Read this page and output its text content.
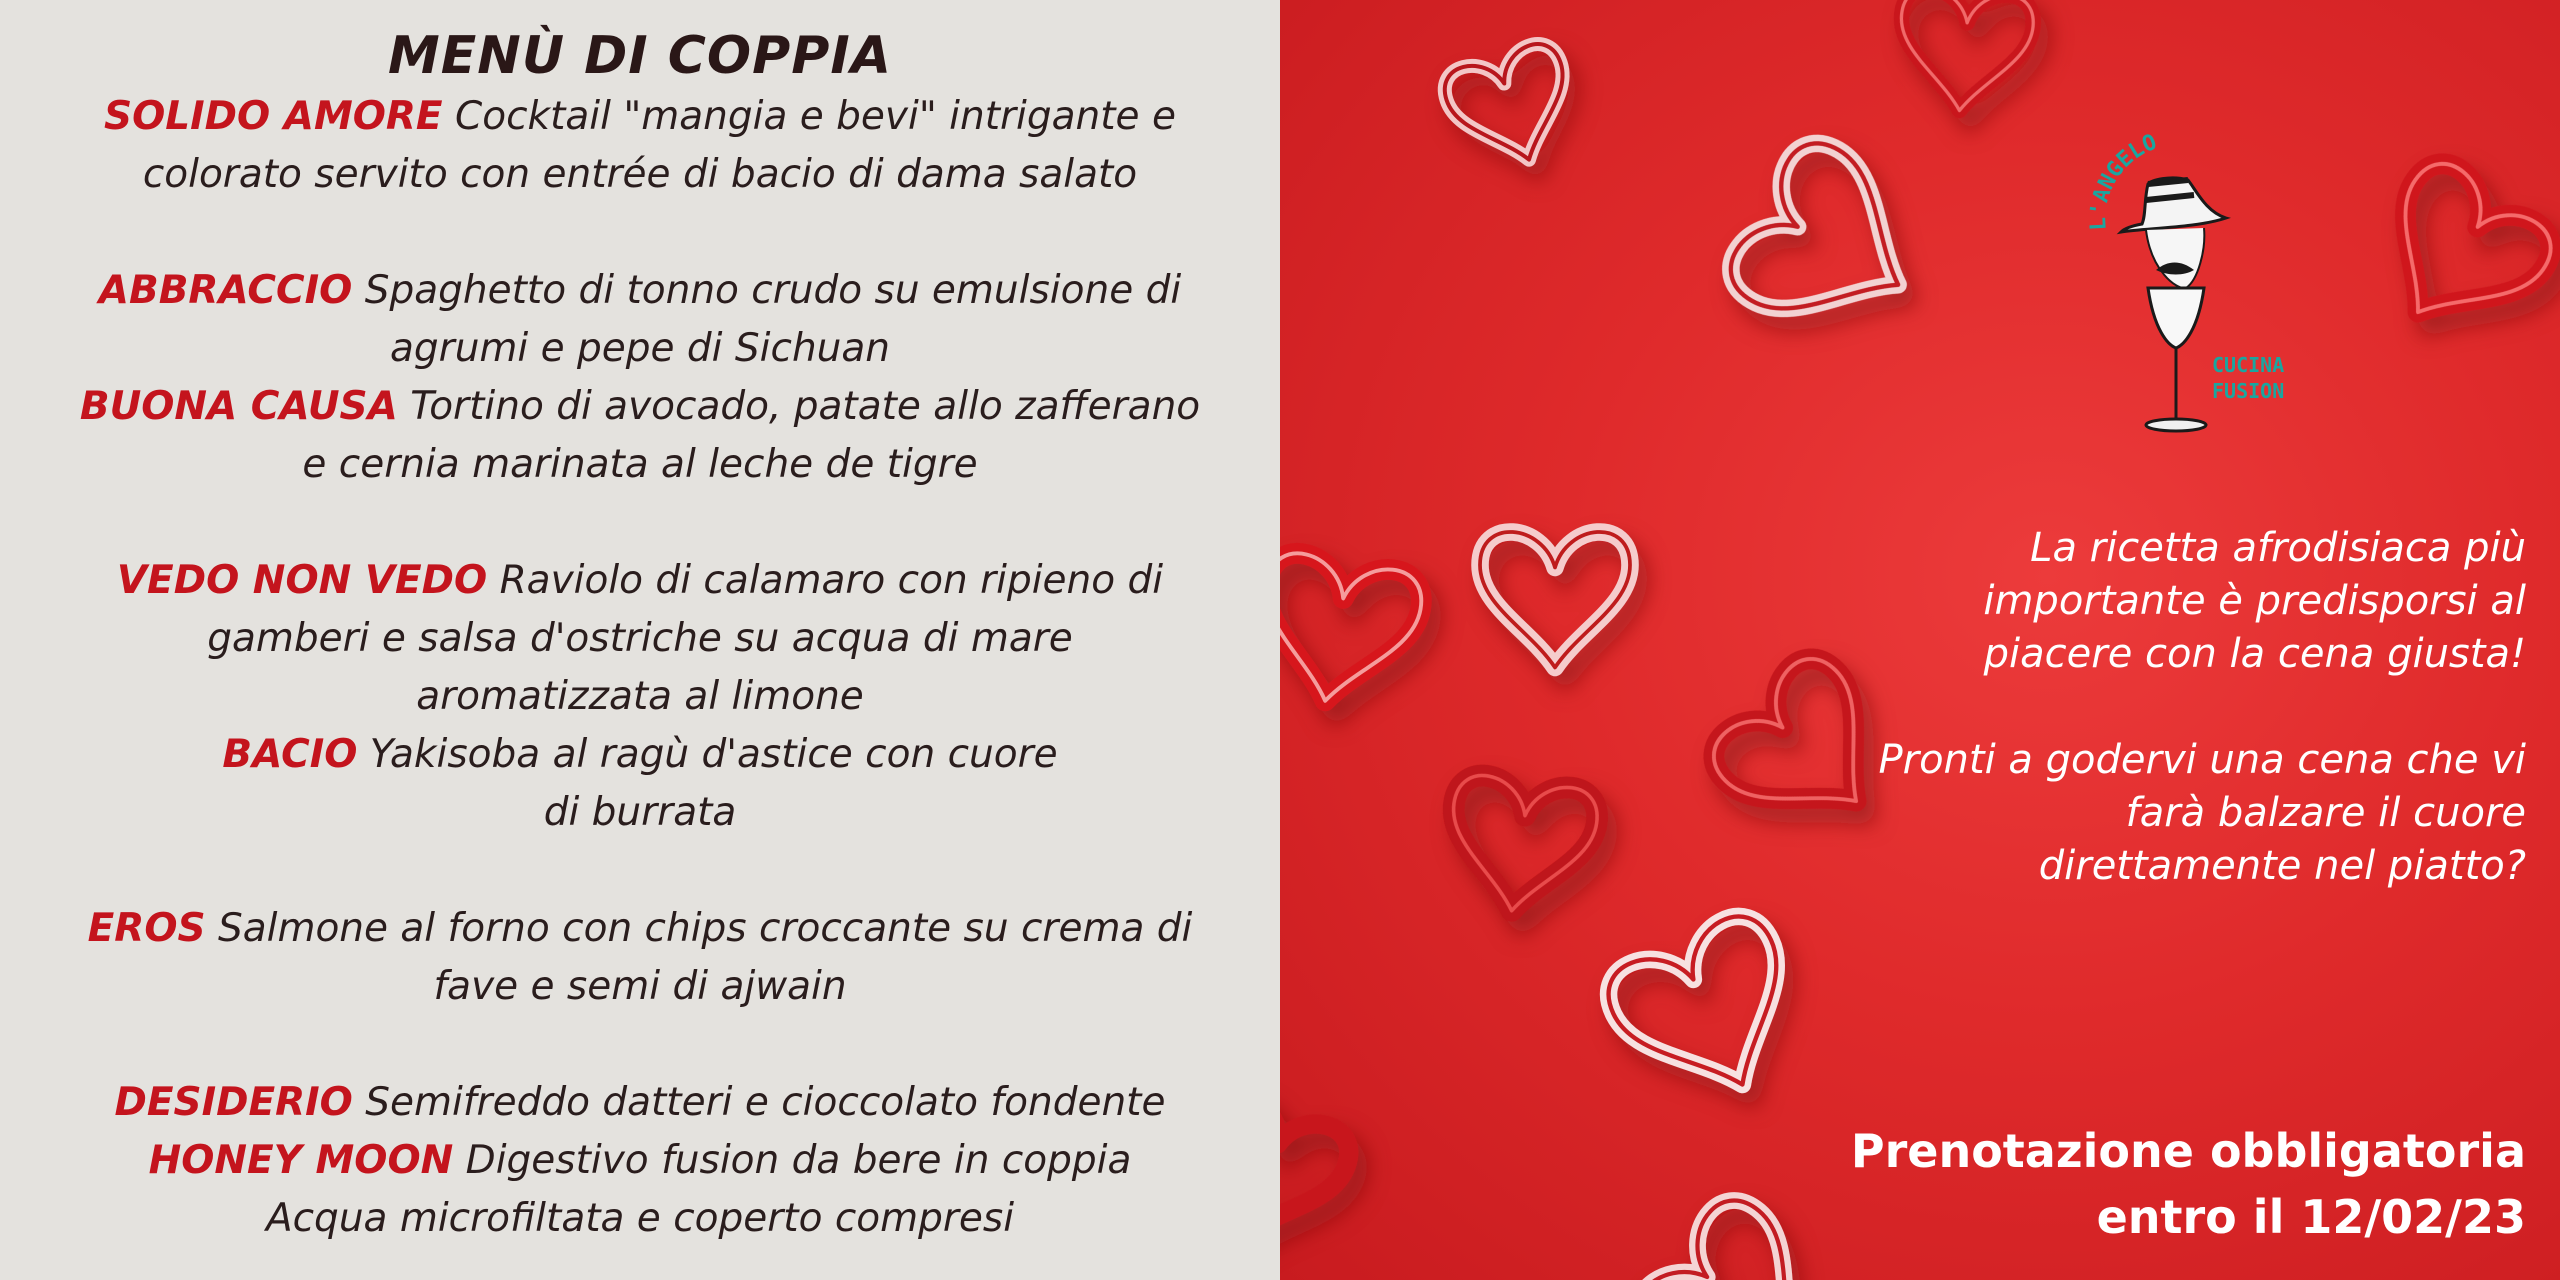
MENÙ DI COPPIA
SOLIDO AMORE Cocktail "mangia e bevi" intrigante e
colorato servito con entrée di bacio di dama salato
ABBRACCIO Spaghetto di tonno crudo su emulsione di
agrumi e pepe di Sichuan
BUONA CAUSA Tortino di avocado, patate allo zafferano
e cernia marinata al leche de tigre
VEDO NON VEDO Raviolo di calamaro con ripieno di
gamberi e salsa d'ostriche su acqua di mare
aromatizzata al limone
BACIO Yakisoba al ragù d'astice con cuore
di burrata
EROS Salmone al forno con chips croccante su crema di
fave e semi di ajwain
DESIDERIO Semifreddo datteri e cioccolato fondente
HONEY MOON Digestivo fusion da bere in coppia
Acqua microfiltata e coperto compresi
L'ANGELO
CUCINA
FUSION

La ricetta afrodisiaca più

importante è predisporsi al

piacere con la cena giusta!

Pronti a godervi una cena che vi

farà balzare il cuore

direttamente nel piatto?

Prenotazione obbligatoria
entro il 12/02/23
